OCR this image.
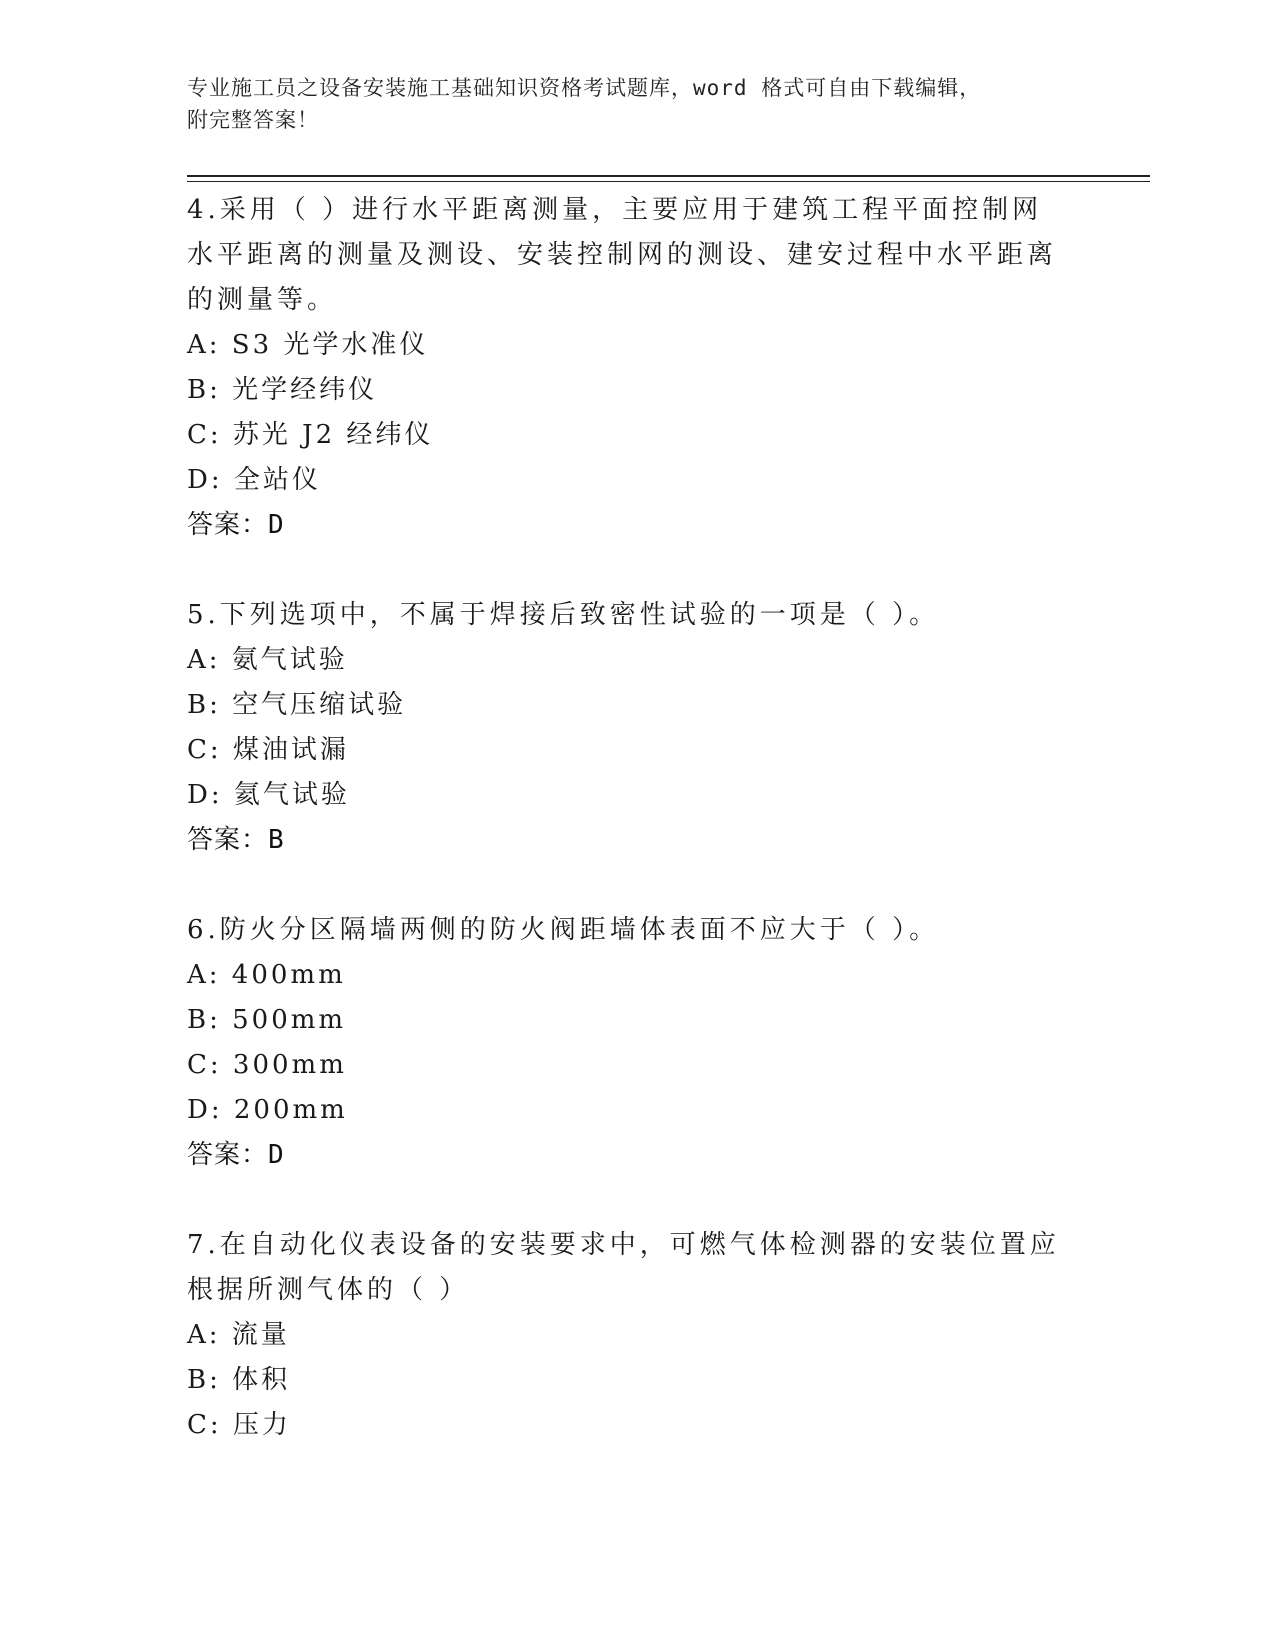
专业施工员之设备安装施工基础知识资格考试题库，word 格式可自由下载编辑，
附完整答案！
4.采用（ ）进行水平距离测量，主要应用于建筑工程平面控制网水平距离的测量及测设、安装控制网的测设、建安过程中水平距离的测量等。
A: S3 光学水准仪
B: 光学经纬仪
C: 苏光 J2 经纬仪
D: 全站仪
答案：D
5.下列选项中，不属于焊接后致密性试验的一项是（ ）。
A: 氨气试验
B: 空气压缩试验
C: 煤油试漏
D: 氦气试验
答案：B
6.防火分区隔墙两侧的防火阀距墙体表面不应大于（ ）。
A: 400mm
B: 500mm
C: 300mm
D: 200mm
答案：D
7.在自动化仪表设备的安装要求中，可燃气体检测器的安装位置应根据所测气体的（ ）
A: 流量
B: 体积
C: 压力
